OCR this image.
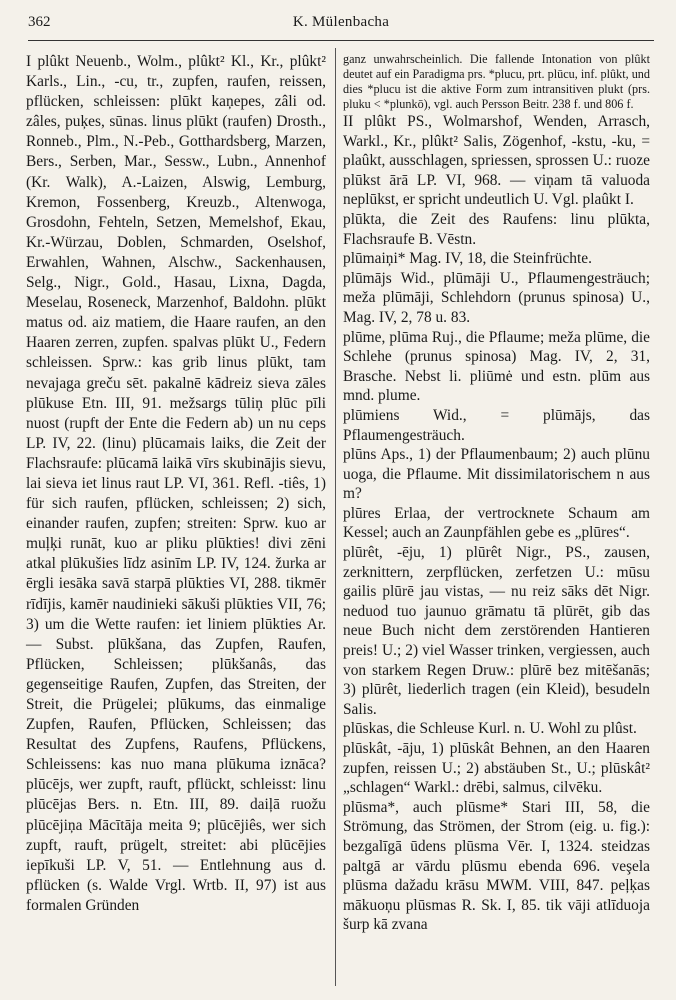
362	K. Mülenbacha

I plûkt Neuenb., Wolm., plûkt² Kl., Kr., plûkt² Karls., Lin., -cu, tr., zupfen, raufen, reissen, pflücken, schleissen: plūkt kaņepes, zâli od. zâles, puķes, sūnas. linus plūkt (raufen) Drosth., Ronneb., Plm., N.-Peb., Gotthardsberg, Marzen, Bers., Serben, Mar., Sessw., Lubn., Annenhof (Kr. Walk), A.-Laizen, Alswig, Lemburg, Kremon, Fossenberg, Kreuzb., Altenwoga, Grosdohn, Fehteln, Setzen, Memelshof, Ekau, Kr.-Würzau, Doblen, Schmarden, Oselshof, Erwahlen, Wahnen, Alschw., Sackenhausen, Selg., Nigr., Gold., Hasau, Lixna, Dagda, Meselau, Roseneck, Marzenhof, Baldohn. plūkt matus od. aiz matiem, die Haare raufen, an den Haaren zerren, zupfen. spalvas plūkt U., Federn schleissen. Sprw.: kas grib linus plūkt, tam nevajaga greču sēt. pakalnē kādreiz sieva zāles plūkuse Etn. III, 91. mežsargs tūliņ plūc pīli nuost (rupft der Ente die Federn ab) un nu ceps LP. IV, 22. (linu) plūcamais laiks, die Zeit der Flachsraufe: plūcamā laikā vīrs skubinājis sievu, lai sieva iet linus raut LP. VI, 361. Refl. -tiês, 1) für sich raufen, pflücken, schleissen; 2) sich, einander raufen, zupfen; streiten: Sprw. kuo ar muļķi runāt, kuo ar pliku plūkties! divi zēni atkal plūkušies līdz asinīm LP. IV, 124. žurka ar ērgli iesāka savā starpā plūkties VI, 288. tikmēr rīdījis, kamēr naudinieki sākuši plūkties VII, 76; 3) um die Wette raufen: iet liniem plūkties Ar. — Subst. plūkšana, das Zupfen, Raufen, Pflücken, Schleissen; plūkšanâs, das gegenseitige Raufen, Zupfen, das Streiten, der Streit, die Prügelei; plūkums, das einmalige Zupfen, Raufen, Pflücken, Schleissen; das Resultat des Zupfens, Raufens, Pflückens, Schleissens: kas nuo mana plūkuma iznāca? plūcējs, wer zupft, rauft, pflückt, schleisst: linu plūcējas Bers. n. Etn. III, 89. daiļā ruožu plūcējiņa Mācītāja meita 9; plūcējiês, wer sich zupft, rauft, prügelt, streitet: abi plūcējies iepīkuši LP. V, 51. — Entlehnung aus d. pflücken (s. Walde Vrgl. Wrtb. II, 97) ist aus formalen Gründen

ganz unwahrscheinlich. Die fallende Intonation von plûkt deutet auf ein Paradigma prs. *plucu, prt. plūcu, inf. plûkt, und dies *plucu ist die aktive Form zum intransitiven plukt (prs. pluku < *plunkō), vgl. auch Persson Beitr. 238 f. und 806 f.

II plûkt PS., Wolmarshof, Wenden, Arrasch, Warkl., Kr., plûkt² Salis, Zögenhof, -kstu, -ku, = plaûkt, ausschlagen, spriessen, sprossen U.: ruoze plūkst ārā LP. VI, 968. — viņam tā valuoda neplūkst, er spricht undeutlich U. Vgl. plaûkt I.

plūkta, die Zeit des Raufens: linu plūkta, Flachsraufe B. Vēstn.

plūmaiņi* Mag. IV, 18, die Steinfrüchte.

plūmājs Wid., plūmāji U., Pflaumengesträuch; meža plūmāji, Schlehdorn (prunus spinosa) U., Mag. IV, 2, 78 u. 83.

plūme, plūma Ruj., die Pflaume; meža plūme, die Schlehe (prunus spinosa) Mag. IV, 2, 31, Brasche. Nebst li. pliūmė und estn. plūm aus mnd. plume.

plūmiens Wid., = plūmājs, das Pflaumengesträuch.

plūns Aps., 1) der Pflaumenbaum; 2) auch plūnu uoga, die Pflaume. Mit dissimilatorischem n aus m?

plūres Erlaa, der vertrocknete Schaum am Kessel; auch an Zaunpfählen gebe es „plūres“.

plūrêt, -ēju, 1) plūrêt Nigr., PS., zausen, zerknittern, zerpflücken, zerfetzen U.: mūsu gailis plūrē jau vistas, — nu reiz sāks dēt Nigr. neduod tuo jaunuo grāmatu tā plūrēt, gib das neue Buch nicht dem zerstörenden Hantieren preis! U.; 2) viel Wasser trinken, vergiessen, auch von starkem Regen Druw.: plūrē bez mitēšanās; 3) plūrêt, liederlich tragen (ein Kleid), besudeln Salis.

plūskas, die Schleuse Kurl. n. U. Wohl zu plûst.

plūskât, -āju, 1) plūskât Behnen, an den Haaren zupfen, reissen U.; 2) abstäuben St., U.; plūskât² „schlagen“ Warkl.: drēbi, salmus, cilvēku.

plūsma*, auch plūsme* Stari III, 58, die Strömung, das Strömen, der Strom (eig. u. fig.): bezgalīgā ūdens plūsma Vēr. I, 1324. steidzas paltgā ar vārdu plūsmu ebenda 696. veşela plūsma dažadu krāsu MWM. VIII, 847. peļķas mākuoņu plūsmas R. Sk. I, 85. tik vāji atlīduoja šurp kā zvana
